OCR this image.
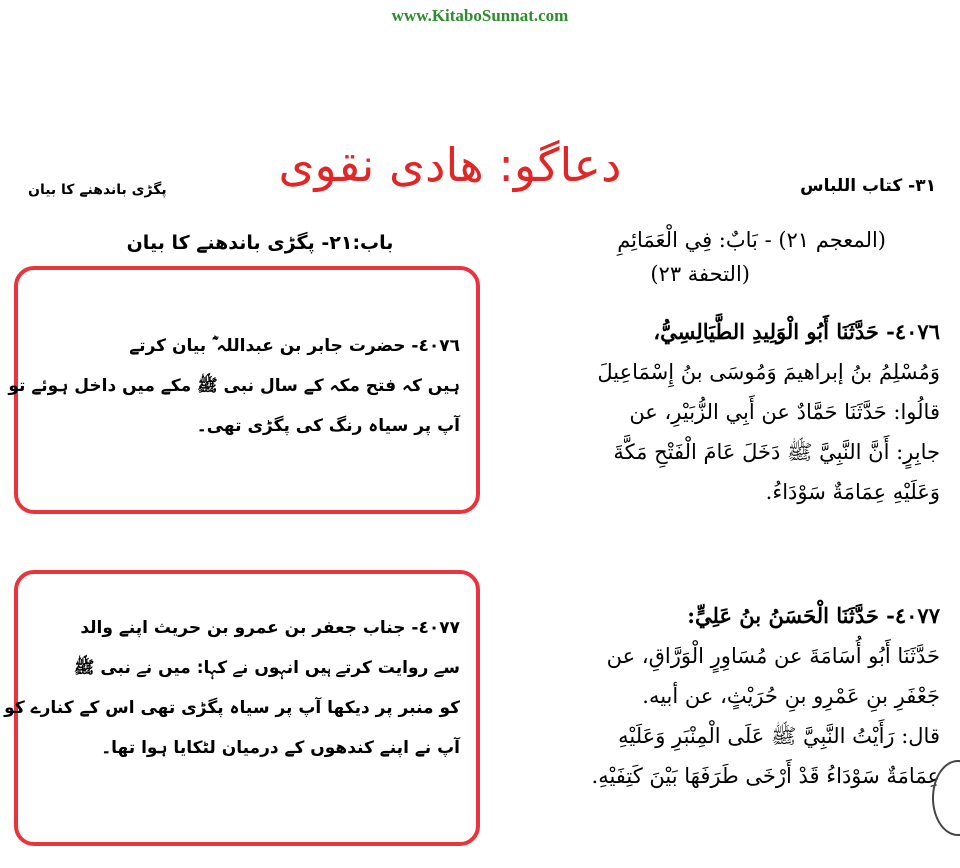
www.KitaboSunnat.com
دعاگو: هادی نقوی	٣١- كتاب اللباس
پگڑی باندھنے کا بیان
(المعجم ٢١) - بَابٌ: فِي الْعَمَائِمِ
(التحفة ٢٣)
٤٠٧٦- حَدَّثَنَا أَبُو الْوَلِيدِ الطَّيَالِسِيُّ،
وَمُسْلِمُ بنُ إبراهيمَ وَمُوسَى بنُ إِسْمَاعِيلَ
قالُوا: حَدَّثَنَا حَمَّادٌ عن أَبِي الزُّبَيْرِ، عن
جابِرٍ: أَنَّ النَّبِيَّ ﷺ دَخَلَ عَامَ الْفَتْحِ مَكَّةَ
وَعَلَيْهِ عِمَامَةٌ سَوْدَاءُ.
٤٠٧٧- حَدَّثَنَا الْحَسَنُ بنُ عَلِيٍّ:
حَدَّثَنَا أَبُو أُسَامَةَ عن مُسَاوِرٍ الْوَرَّاقِ، عن
جَعْفَرِ بنِ عَمْرِو بنِ حُرَيْثٍ، عن أبيه.
قال: رَأَيْتُ النَّبِيَّ ﷺ عَلَى الْمِنْبَرِ وَعَلَيْهِ
عِمَامَةٌ سَوْدَاءُ قَدْ أَرْخَى طَرَفَهَا بَيْنَ كَتِفَيْهِ.
باب:٢١- پگڑی باندھنے کا بیان
٤٠٧٦- حضرت جابر بن عبداللہ ؓ بیان کرتے
ہیں کہ فتح مکہ کے سال نبی ﷺ مکے میں داخل ہوئے تو
آپ پر سیاہ رنگ کی پگڑی تھی۔
٤٠٧٧- جناب جعفر بن عمرو بن حریث اپنے والد
سے روایت کرتے ہیں انہوں نے کہا: میں نے نبی ﷺ
کو منبر پر دیکھا آپ پر سیاہ پگڑی تھی اس کے کنارے کو
آپ نے اپنے کندھوں کے درمیان لٹکایا ہوا تھا۔
